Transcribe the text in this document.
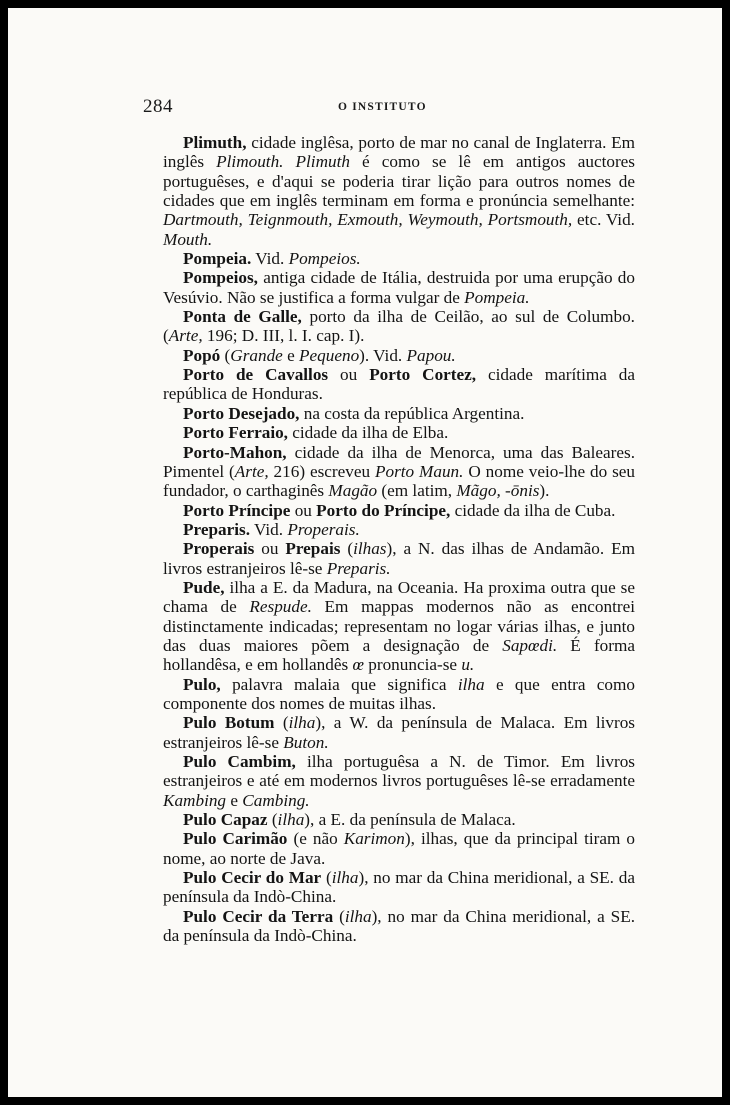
284	O INSTITUTO

Plimuth, cidade inglêsa, porto de mar no canal de Inglaterra. Em inglês Plimouth. Plimuth é como se lê em antigos auctores portuguêses, e d'aqui se poderia tirar lição para outros nomes de cidades que em inglês terminam em forma e pronúncia semelhante: Dartmouth, Teignmouth, Exmouth, Weymouth, Portsmouth, etc. Vid. Mouth.

Pompeia. Vid. Pompeios.

Pompeios, antiga cidade de Itália, destruida por uma erupção do Vesúvio. Não se justifica a forma vulgar de Pompeia.

Ponta de Galle, porto da ilha de Ceilão, ao sul de Columbo. (Arte, 196; D. III, l. I. cap. I).

Popó (Grande e Pequeno). Vid. Papou.

Porto de Cavallos ou Porto Cortez, cidade marítima da república de Honduras.

Porto Desejado, na costa da república Argentina.

Porto Ferraio, cidade da ilha de Elba.

Porto-Mahon, cidade da ilha de Menorca, uma das Baleares. Pimentel (Arte, 216) escreveu Porto Maun. O nome veio-lhe do seu fundador, o carthaginês Magão (em latim, Mãgo, -ōnis).

Porto Príncipe ou Porto do Príncipe, cidade da ilha de Cuba.

Preparis. Vid. Properais.

Properais ou Prepais (ilhas), a N. das ilhas de Andamão. Em livros estranjeiros lê-se Preparis.

Pude, ilha a E. da Madura, na Oceania. Ha proxima outra que se chama de Respude. Em mappas modernos não as encontrei distinctamente indicadas; representam no logar várias ilhas, e junto das duas maiores põem a designação de Sapœdi. É forma hollandêsa, e em hollandês œ pronuncia-se u.

Pulo, palavra malaia que significa ilha e que entra como componente dos nomes de muitas ilhas.

Pulo Botum (ilha), a W. da península de Malaca. Em livros estranjeiros lê-se Buton.

Pulo Cambim, ilha portuguêsa a N. de Timor. Em livros estranjeiros e até em modernos livros portuguêses lê-se erradamente Kambing e Cambing.

Pulo Capaz (ilha), a E. da península de Malaca.

Pulo Carimão (e não Karimon), ilhas, que da principal tiram o nome, ao norte de Java.

Pulo Cecir do Mar (ilha), no mar da China meridional, a SE. da península da Indò-China.

Pulo Cecir da Terra (ilha), no mar da China meridional, a SE. da península da Indò-China.
